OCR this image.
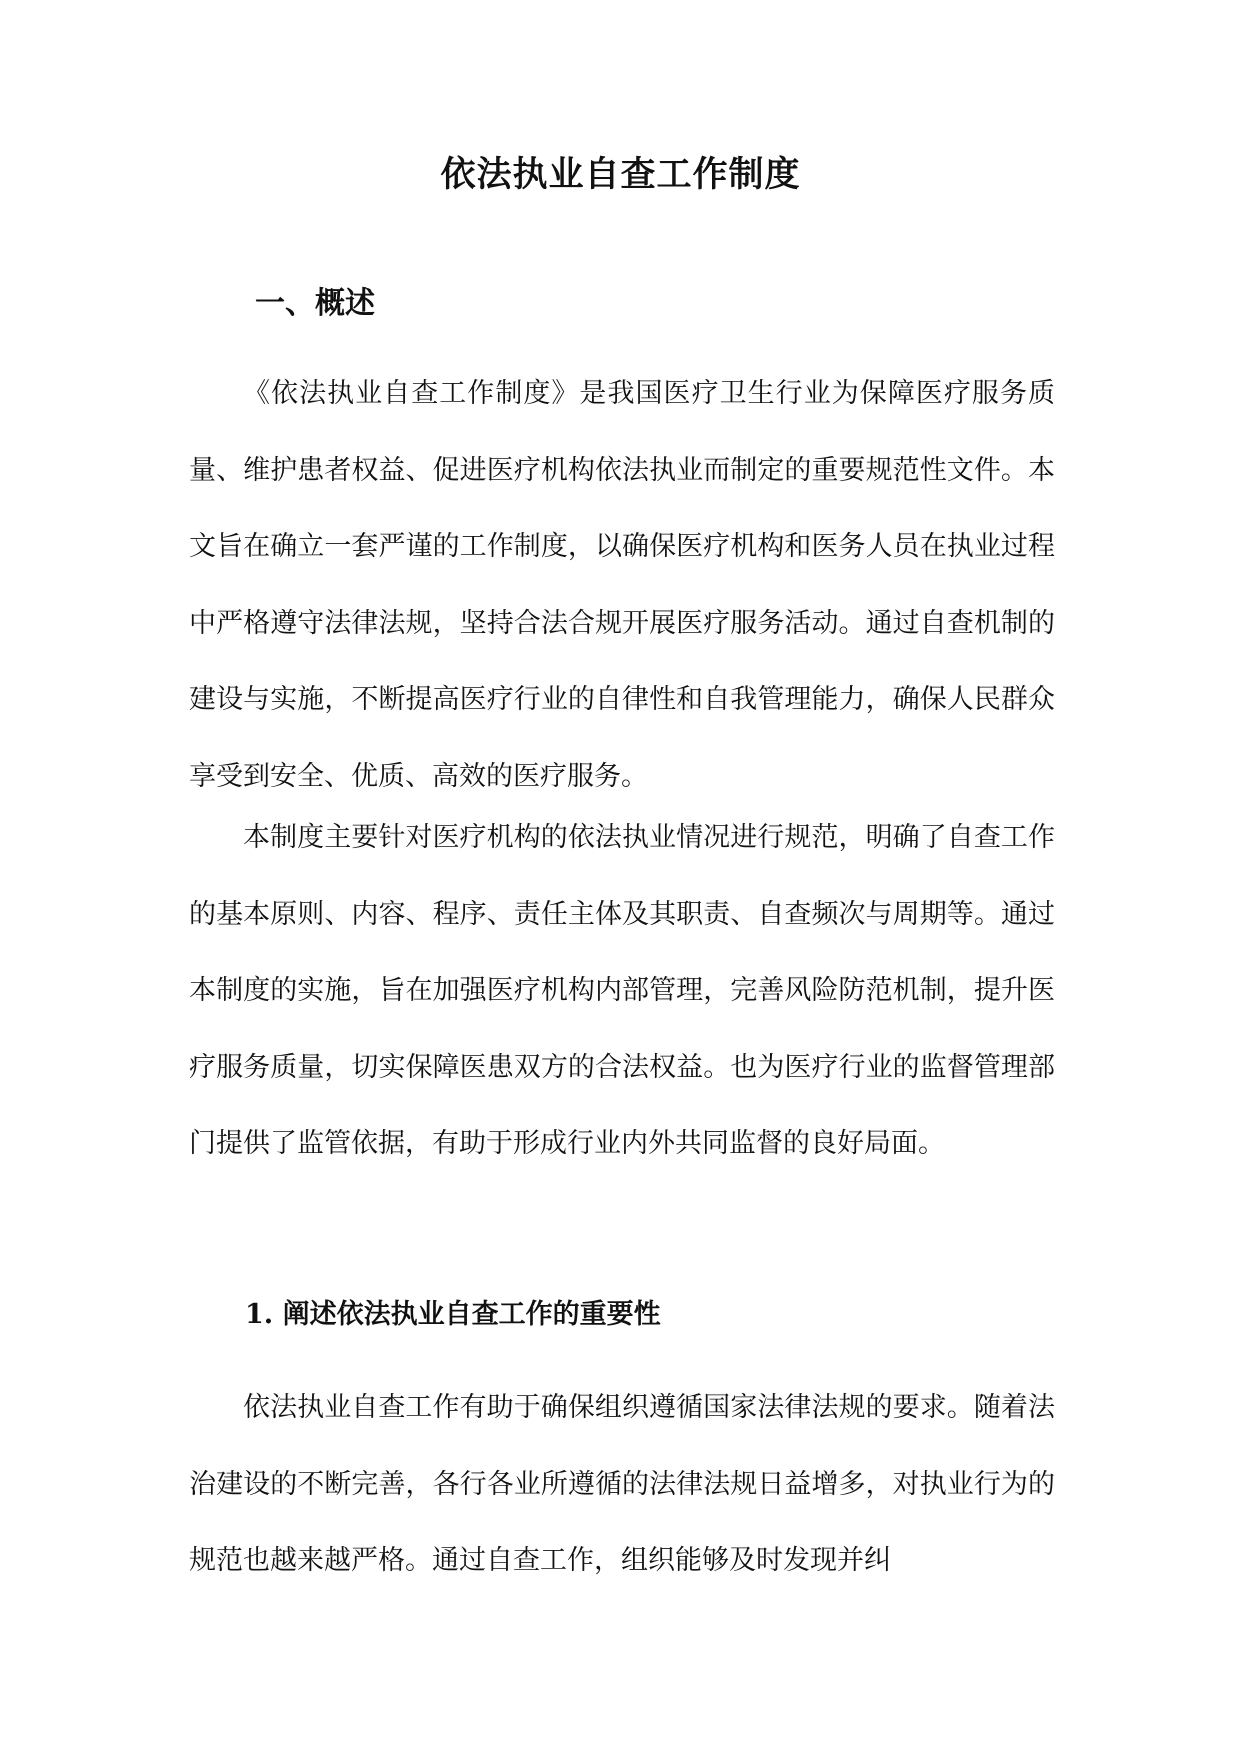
依法执业自查工作制度
一、概述
《依法执业自查工作制度》是我国医疗卫生行业为保障医疗服务质量、维护患者权益、促进医疗机构依法执业而制定的重要规范性文件。本文旨在确立一套严谨的工作制度，以确保医疗机构和医务人员在执业过程中严格遵守法律法规，坚持合法合规开展医疗服务活动。通过自查机制的建设与实施，不断提高医疗行业的自律性和自我管理能力，确保人民群众享受到安全、优质、高效的医疗服务。
本制度主要针对医疗机构的依法执业情况进行规范，明确了自查工作的基本原则、内容、程序、责任主体及其职责、自查频次与周期等。通过本制度的实施，旨在加强医疗机构内部管理，完善风险防范机制，提升医疗服务质量，切实保障医患双方的合法权益。也为医疗行业的监督管理部门提供了监管依据，有助于形成行业内外共同监督的良好局面。
1. 阐述依法执业自查工作的重要性
依法执业自查工作有助于确保组织遵循国家法律法规的要求。随着法治建设的不断完善，各行各业所遵循的法律法规日益增多，对执业行为的规范也越来越严格。通过自查工作，组织能够及时发现并纠
